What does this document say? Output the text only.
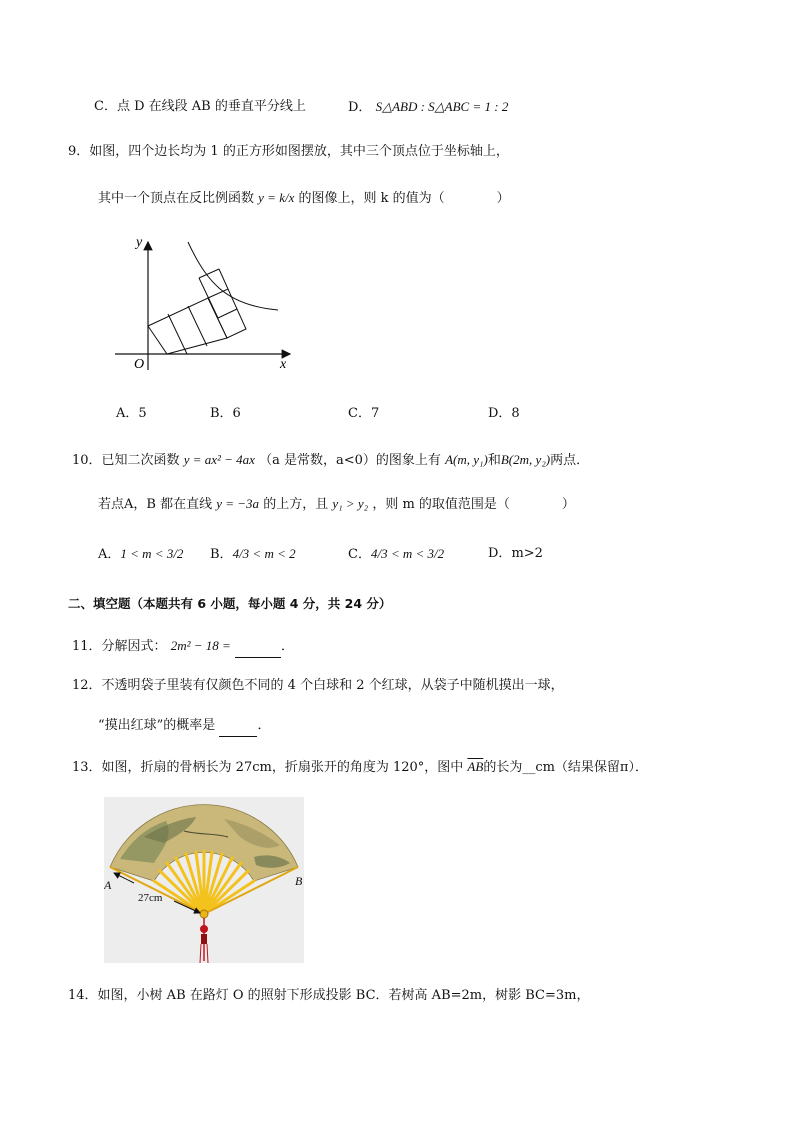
C．点 D 在线段 AB 的垂直平分线上	D． S△ABD : S△ABC = 1 : 2
9．如图，四个边长均为 1 的正方形如图摆放，其中三个顶点位于坐标轴上，
其中一个顶点在反比例函数 y = k/x 的图像上，则 k 的值为（　　　　）
y
x
O
A．5	B．6	C．7	D．8
10．已知二次函数 y = ax² − 4ax （a 是常数，a<0）的图象上有 A(m, y₁)和B(2m, y₂)两点．
若点A，B 都在直线 y = −3a 的上方，且 y₁ > y₂ ，则 m 的取值范围是（　　　　）
A．1 < m < 3/2 B．4/3 < m < 2	C．4/3 < m < 3/2	D．m>2
二、填空题（本题共有 6 小题，每小题 4 分，共 24 分）
11．分解因式： 2m² − 18 =	．
12．不透明袋子里装有仅颜色不同的 4 个白球和 2 个红球，从袋子中随机摸出一球，
“摸出红球”的概率是	．
13．如图，折扇的骨柄长为 27cm，折扇张开的角度为 120°，图中 $\overline{AB}$的长为__cm（结果保留π）．
A	B
27cm
14．如图，小树 AB 在路灯 O 的照射下形成投影 BC．若树高 AB=2m，树影 BC=3m，
